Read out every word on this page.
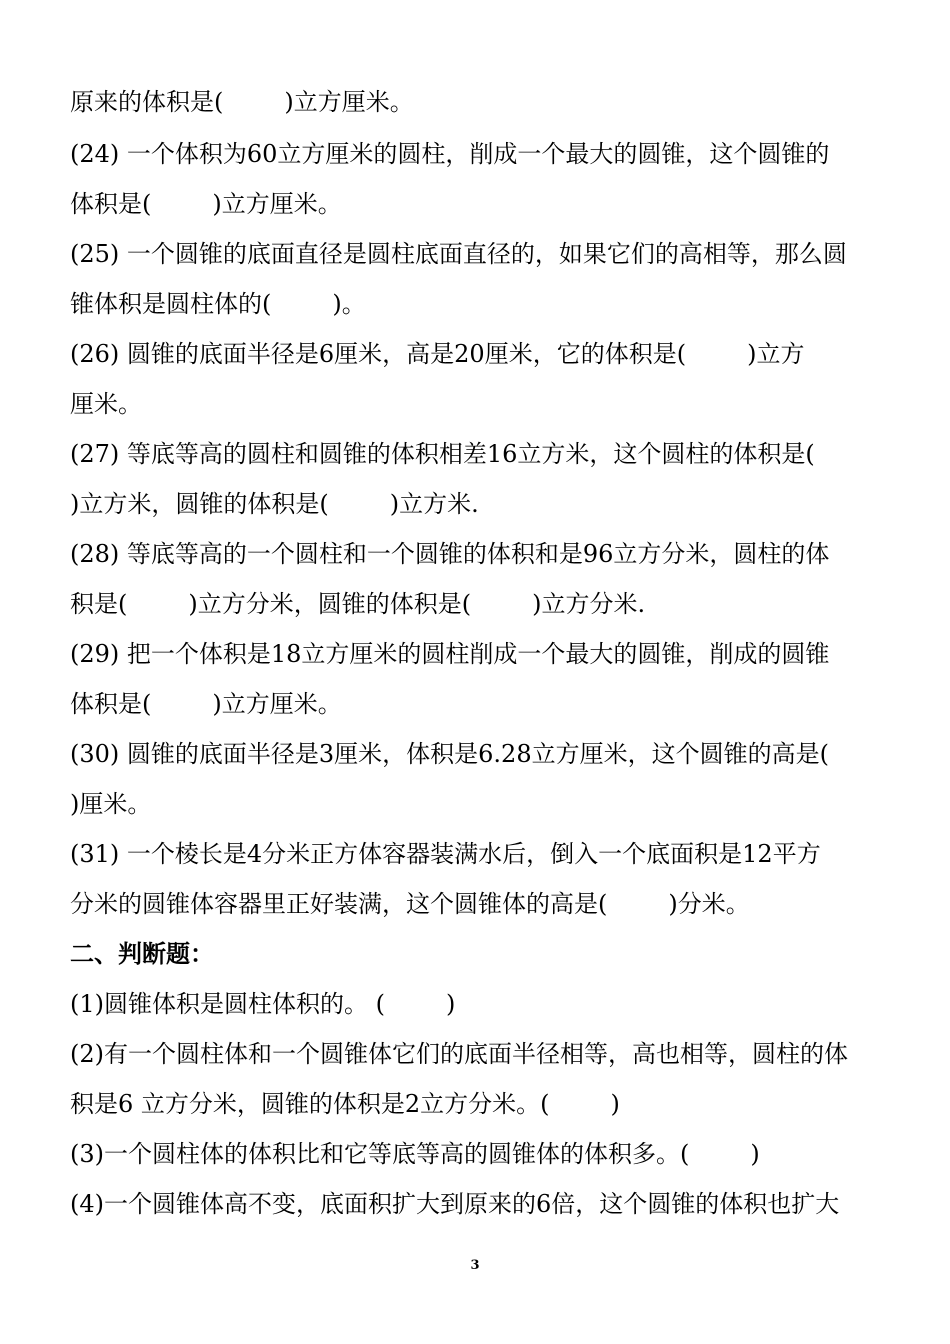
原来的体积是(        )立方厘米。
(24) 一个体积为60立方厘米的圆柱，削成一个最大的圆锥，这个圆锥的
体积是(        )立方厘米。
(25) 一个圆锥的底面直径是圆柱底面直径的，如果它们的高相等，那么圆
锥体积是圆柱体的(        )。
(26) 圆锥的底面半径是6厘米，高是20厘米，它的体积是(        )立方
厘米。
(27) 等底等高的圆柱和圆锥的体积相差16立方米，这个圆柱的体积是(
)立方米，圆锥的体积是(        )立方米.
(28) 等底等高的一个圆柱和一个圆锥的体积和是96立方分米，圆柱的体
积是(        )立方分米，圆锥的体积是(        )立方分米.
(29) 把一个体积是18立方厘米的圆柱削成一个最大的圆锥，削成的圆锥
体积是(        )立方厘米。
(30) 圆锥的底面半径是3厘米，体积是6.28立方厘米，这个圆锥的高是(
)厘米。
(31) 一个棱长是4分米正方体容器装满水后，倒入一个底面积是12平方
分米的圆锥体容器里正好装满，这个圆锥体的高是(        )分米。
二、判断题：
(1)圆锥体积是圆柱体积的。 (        )
(2)有一个圆柱体和一个圆锥体它们的底面半径相等，高也相等，圆柱的体
积是6 立方分米，圆锥的体积是2立方分米。(        )
(3)一个圆柱体的体积比和它等底等高的圆锥体的体积多。(        )
(4)一个圆锥体高不变，底面积扩大到原来的6倍，这个圆锥的体积也扩大
3
